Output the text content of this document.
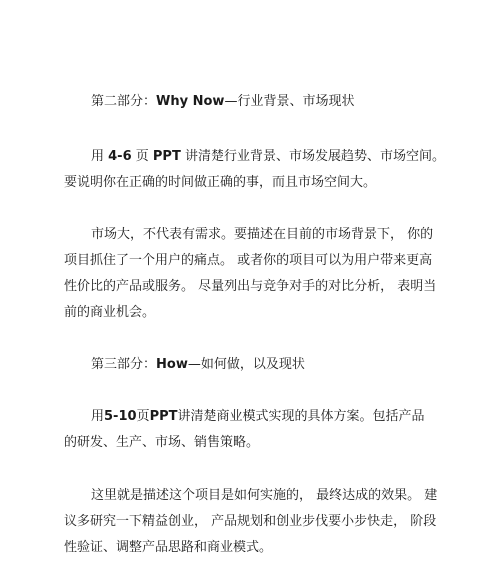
第二部分：Why Now—行业背景、市场现状

用 4-6 页 PPT 讲清楚行业背景、市场发展趋势、市场空间。

要说明你在正确的时间做正确的事，而且市场空间大。

市场大，不代表有需求。要描述在目前的市场背景下， 你的

项目抓住了一个用户的痛点。 或者你的项目可以为用户带来更高

性价比的产品或服务。 尽量列出与竞争对手的对比分析， 表明当

前的商业机会。

第三部分：How—如何做，以及现状

用5-10页PPT讲清楚商业模式实现的具体方案。包括产品

的研发、生产、市场、销售策略。

这里就是描述这个项目是如何实施的， 最终达成的效果。 建

议多研究一下精益创业， 产品规划和创业步伐要小步快走， 阶段

性验证、调整产品思路和商业模式。
